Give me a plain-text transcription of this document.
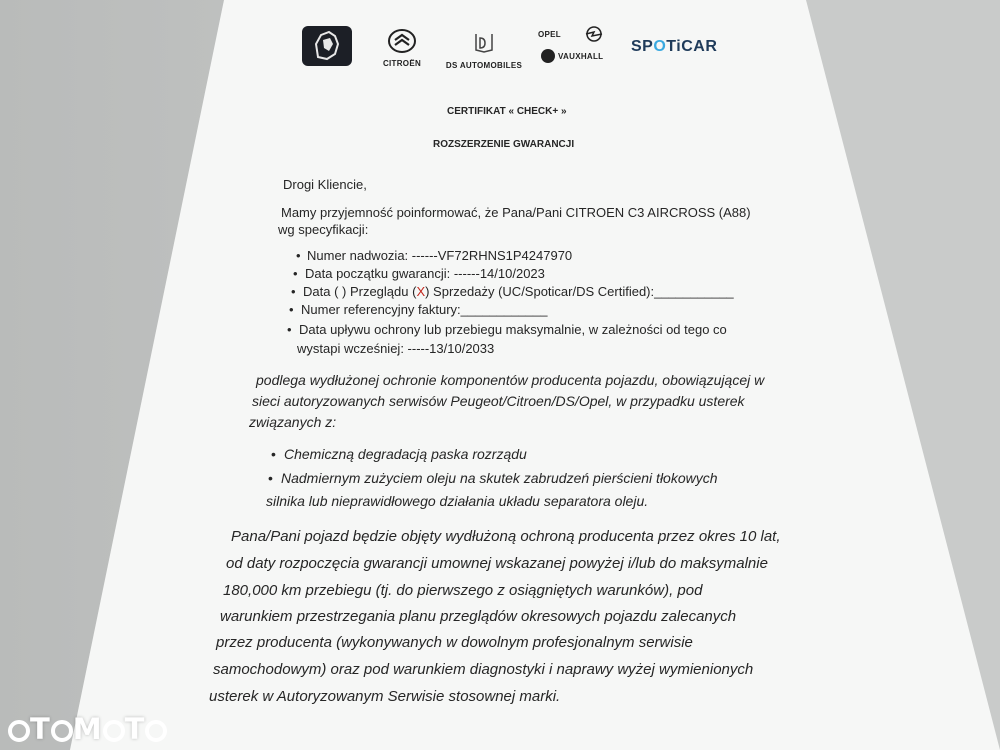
CITROËN	DS AUTOMOBILES
OPEL
VAUXHALL
SPOTiCAR
CERTIFIKAT « CHECK+ »
ROZSZERZENIE GWARANCJI
Drogi Kliencie,
Mamy przyjemność poinformować, że Pana/Pani CITROEN C3 AIRCROSS (A88)
wg specyfikacji:
• Numer nadwozia: ------VF72RHNS1P4247970
• Data początku gwarancji: ------14/10/2023
• Data ( ) Przeglądu (X) Sprzedaży (UC/Spoticar/DS Certified):___________
• Numer referencyjny faktury:____________
• Data upływu ochrony lub przebiegu maksymalnie, w zależności od tego co
wystapi wcześniej: -----13/10/2033
podlega wydłużonej ochronie komponentów producenta pojazdu, obowiązującej w
sieci autoryzowanych serwisów Peugeot/Citroen/DS/Opel, w przypadku usterek
związanych z:
• Chemiczną degradacją paska rozrządu
• Nadmiernym zużyciem oleju na skutek zabrudzeń pierścieni tłokowych
silnika lub nieprawidłowego działania układu separatora oleju.
Pana/Pani pojazd będzie objęty wydłużoną ochroną producenta przez okres 10 lat,
od daty rozpoczęcia gwarancji umownej wskazanej powyżej i/lub do maksymalnie
180,000 km przebiegu (tj. do pierwszego z osiągniętych warunków), pod
warunkiem przestrzegania planu przeglądów okresowych pojazdu zalecanych
przez producenta (wykonywanych w dowolnym profesjonalnym serwisie
samochodowym) oraz pod warunkiem diagnostyki i naprawy wyżej wymienionych
usterek w Autoryzowanym Serwisie stosownej marki.
T M T
